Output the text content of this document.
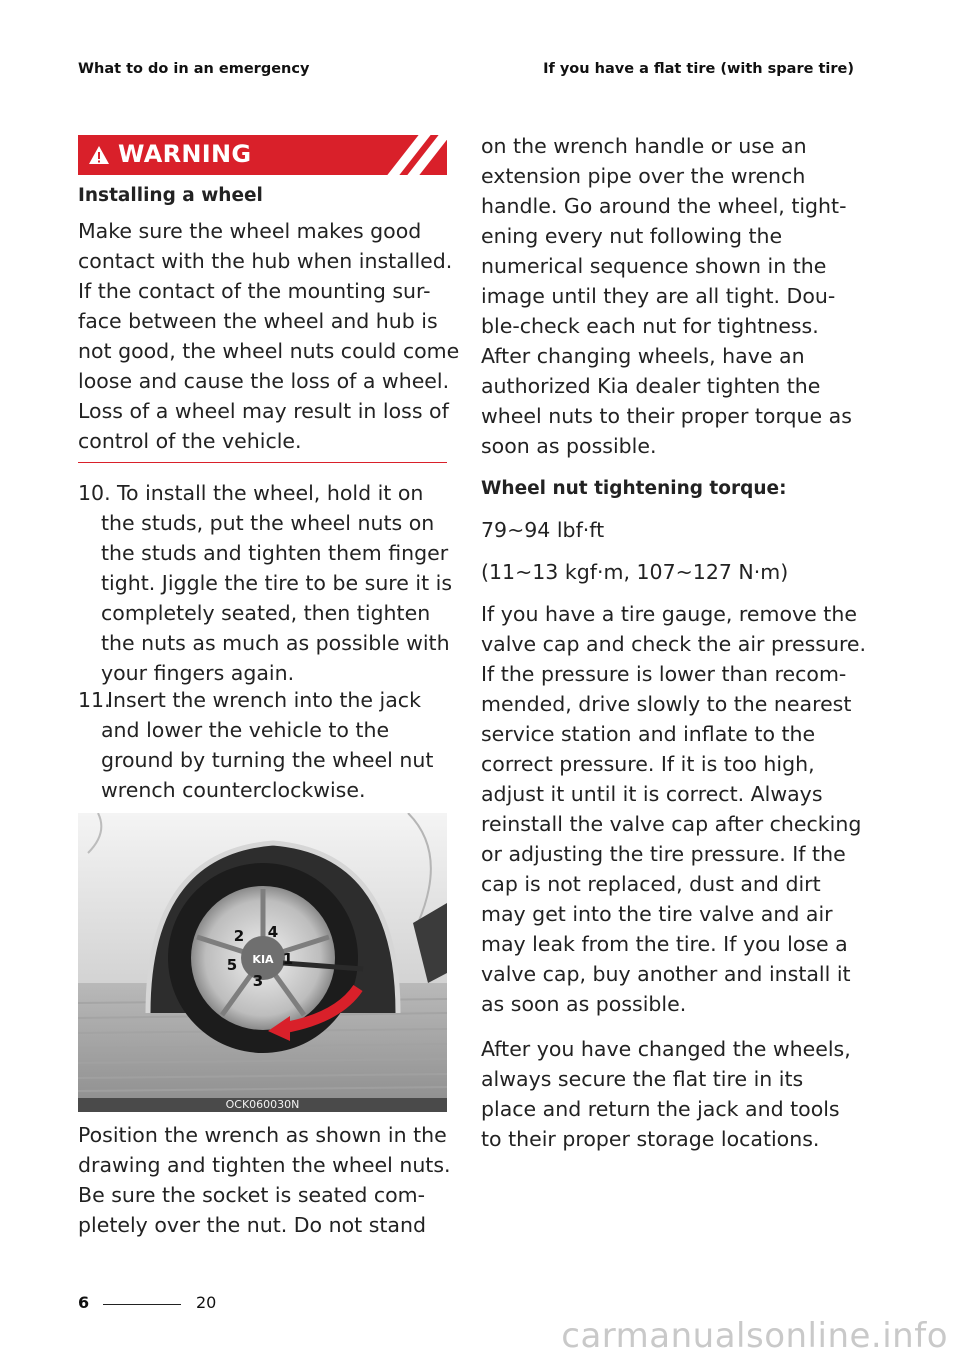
What to do in an emergency	If you have a flat tire (with spare tire)
WARNING
Installing a wheel
Make sure the wheel makes good
contact with the hub when installed.
If the contact of the mounting sur-
face between the wheel and hub is
not good, the wheel nuts could come
loose and cause the loss of a wheel.
Loss of a wheel may result in loss of
control of the vehicle.
10. To install the wheel, hold it on
the studs, put the wheel nuts on
the studs and tighten them finger
tight. Jiggle the tire to be sure it is
completely seated, then tighten
the nuts as much as possible with
your fingers again.
11.
Insert the wrench into the jack
and lower the vehicle to the
ground by turning the wheel nut
wrench counterclockwise.
KIA 1
2
3
4
5
OCK060030N
Position the wrench as shown in the
drawing and tighten the wheel nuts.
Be sure the socket is seated com-
pletely over the nut. Do not stand
on the wrench handle or use an
extension pipe over the wrench
handle. Go around the wheel, tight-
ening every nut following the
numerical sequence shown in the
image until they are all tight. Dou-
ble-check each nut for tightness.
After changing wheels, have an
authorized Kia dealer tighten the
wheel nuts to their proper torque as
soon as possible.
Wheel nut tightening torque:
79~94 lbf·ft
(11~13 kgf·m, 107~127 N·m)
If you have a tire gauge, remove the
valve cap and check the air pressure.
If the pressure is lower than recom-
mended, drive slowly to the nearest
service station and inflate to the
correct pressure. If it is too high,
adjust it until it is correct. Always
reinstall the valve cap after checking
or adjusting the tire pressure. If the
cap is not replaced, dust and dirt
may get into the tire valve and air
may leak from the tire. If you lose a
valve cap, buy another and install it
as soon as possible.
After you have changed the wheels,
always secure the flat tire in its
place and return the jack and tools
to their proper storage locations.
6	20
carmanualsonline.info
